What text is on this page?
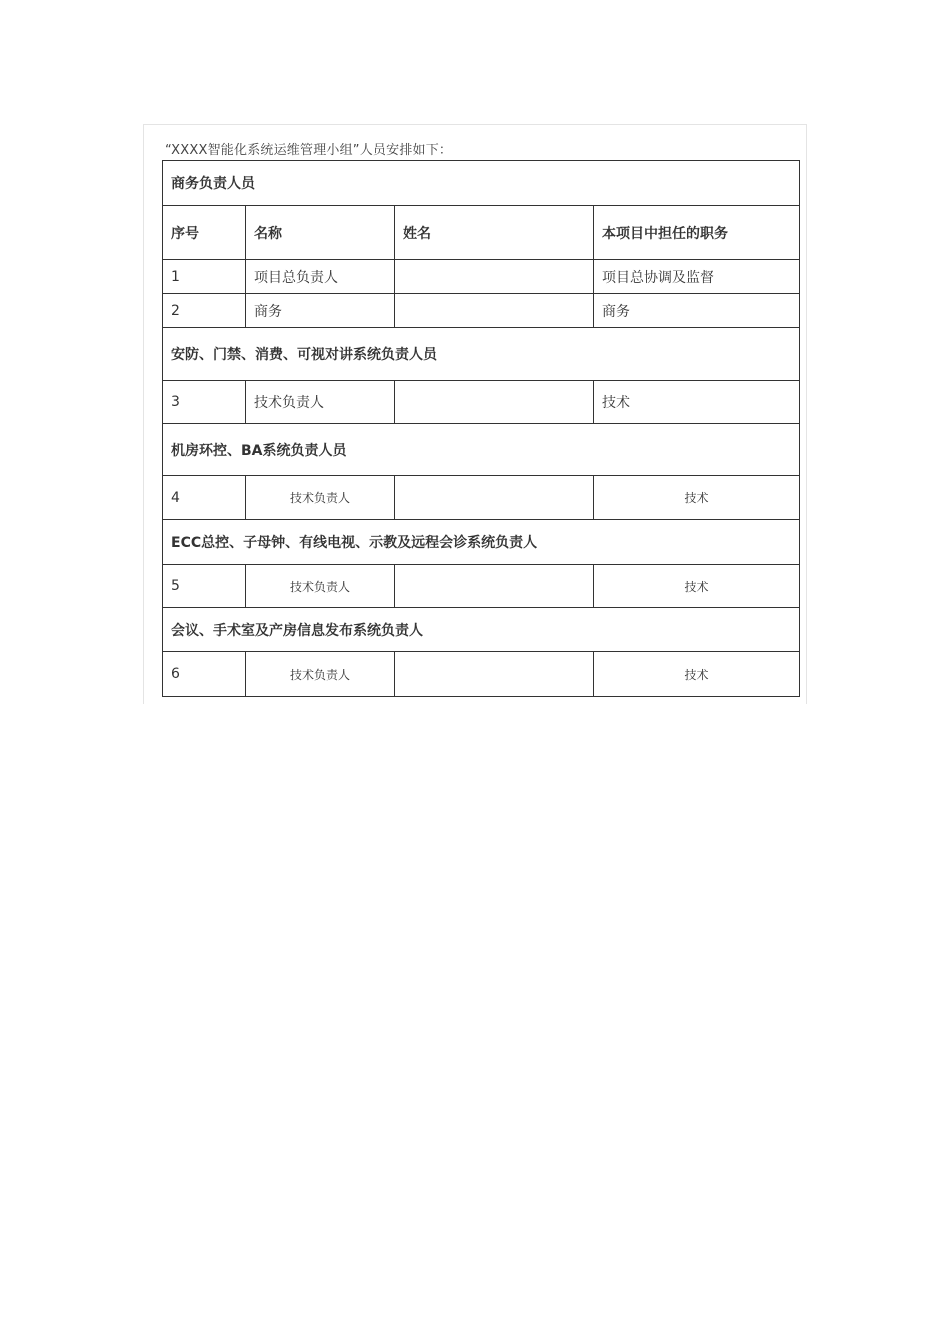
“XXXX智能化系统运维管理小组”人员安排如下：
商务负责人员			
序号	名称	姓名	本项目中担任的职务
1	项目总负责人		项目总协调及监督
2	商务		商务
安防、门禁、消费、可视对讲系统负责人员			
3	技术负责人		技术
机房环控、BA系统负责人员			
4	技术负责人		技术
ECC总控、子母钟、有线电视、示教及远程会诊系统负责人			
5	技术负责人		技术
会议、手术室及产房信息发布系统负责人			
6	技术负责人		技术
